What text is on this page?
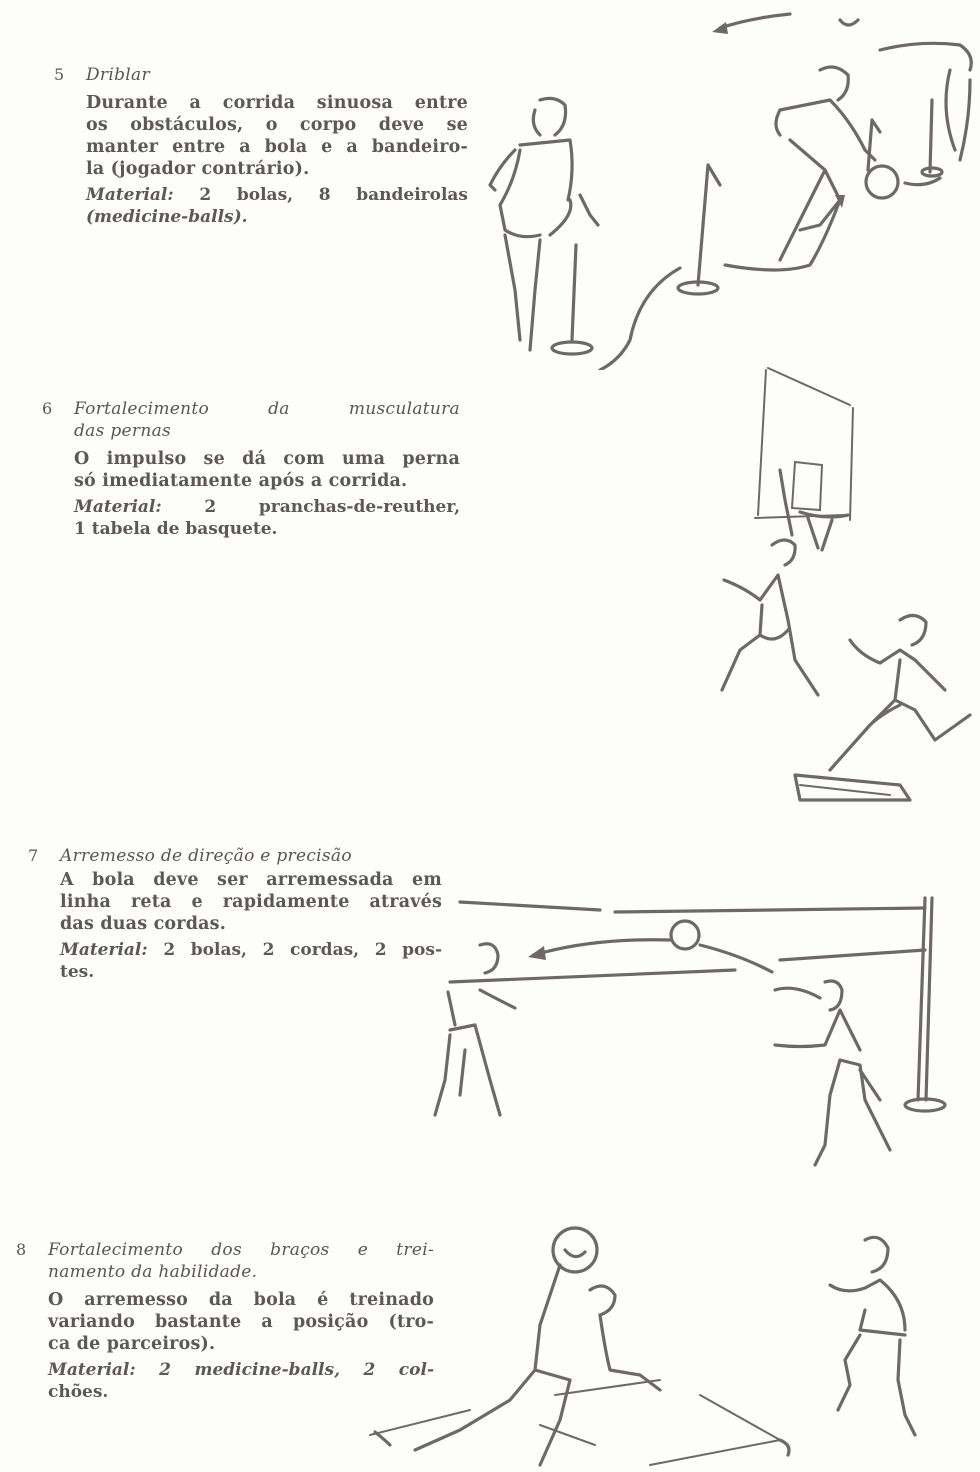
5 Driblar
Durante a corrida sinuosa entre
os obstáculos, o corpo deve se
manter entre a bola e a bandeiro-
la (jogador contrário).
Material: 2 bolas, 8 bandeirolas
(medicine-balls).
6 Fortalecimento da musculatura
das pernas
O impulso se dá com uma perna
só imediatamente após a corrida.
Material:	2 pranchas-de-reuther,
1 tabela de basquete.
7 Arremesso de direção e precisão
A bola deve ser arremessada em
linha reta e rapidamente através
das duas cordas.
Material: 2 bolas, 2 cordas, 2 pos-
tes.
8 Fortalecimento dos braços e trei-
namento da habilidade.
O arremesso da bola é treinado
variando bastante a posição (tro-
ca de parceiros).
Material: 2 medicine-balls, 2 col-
chões.
